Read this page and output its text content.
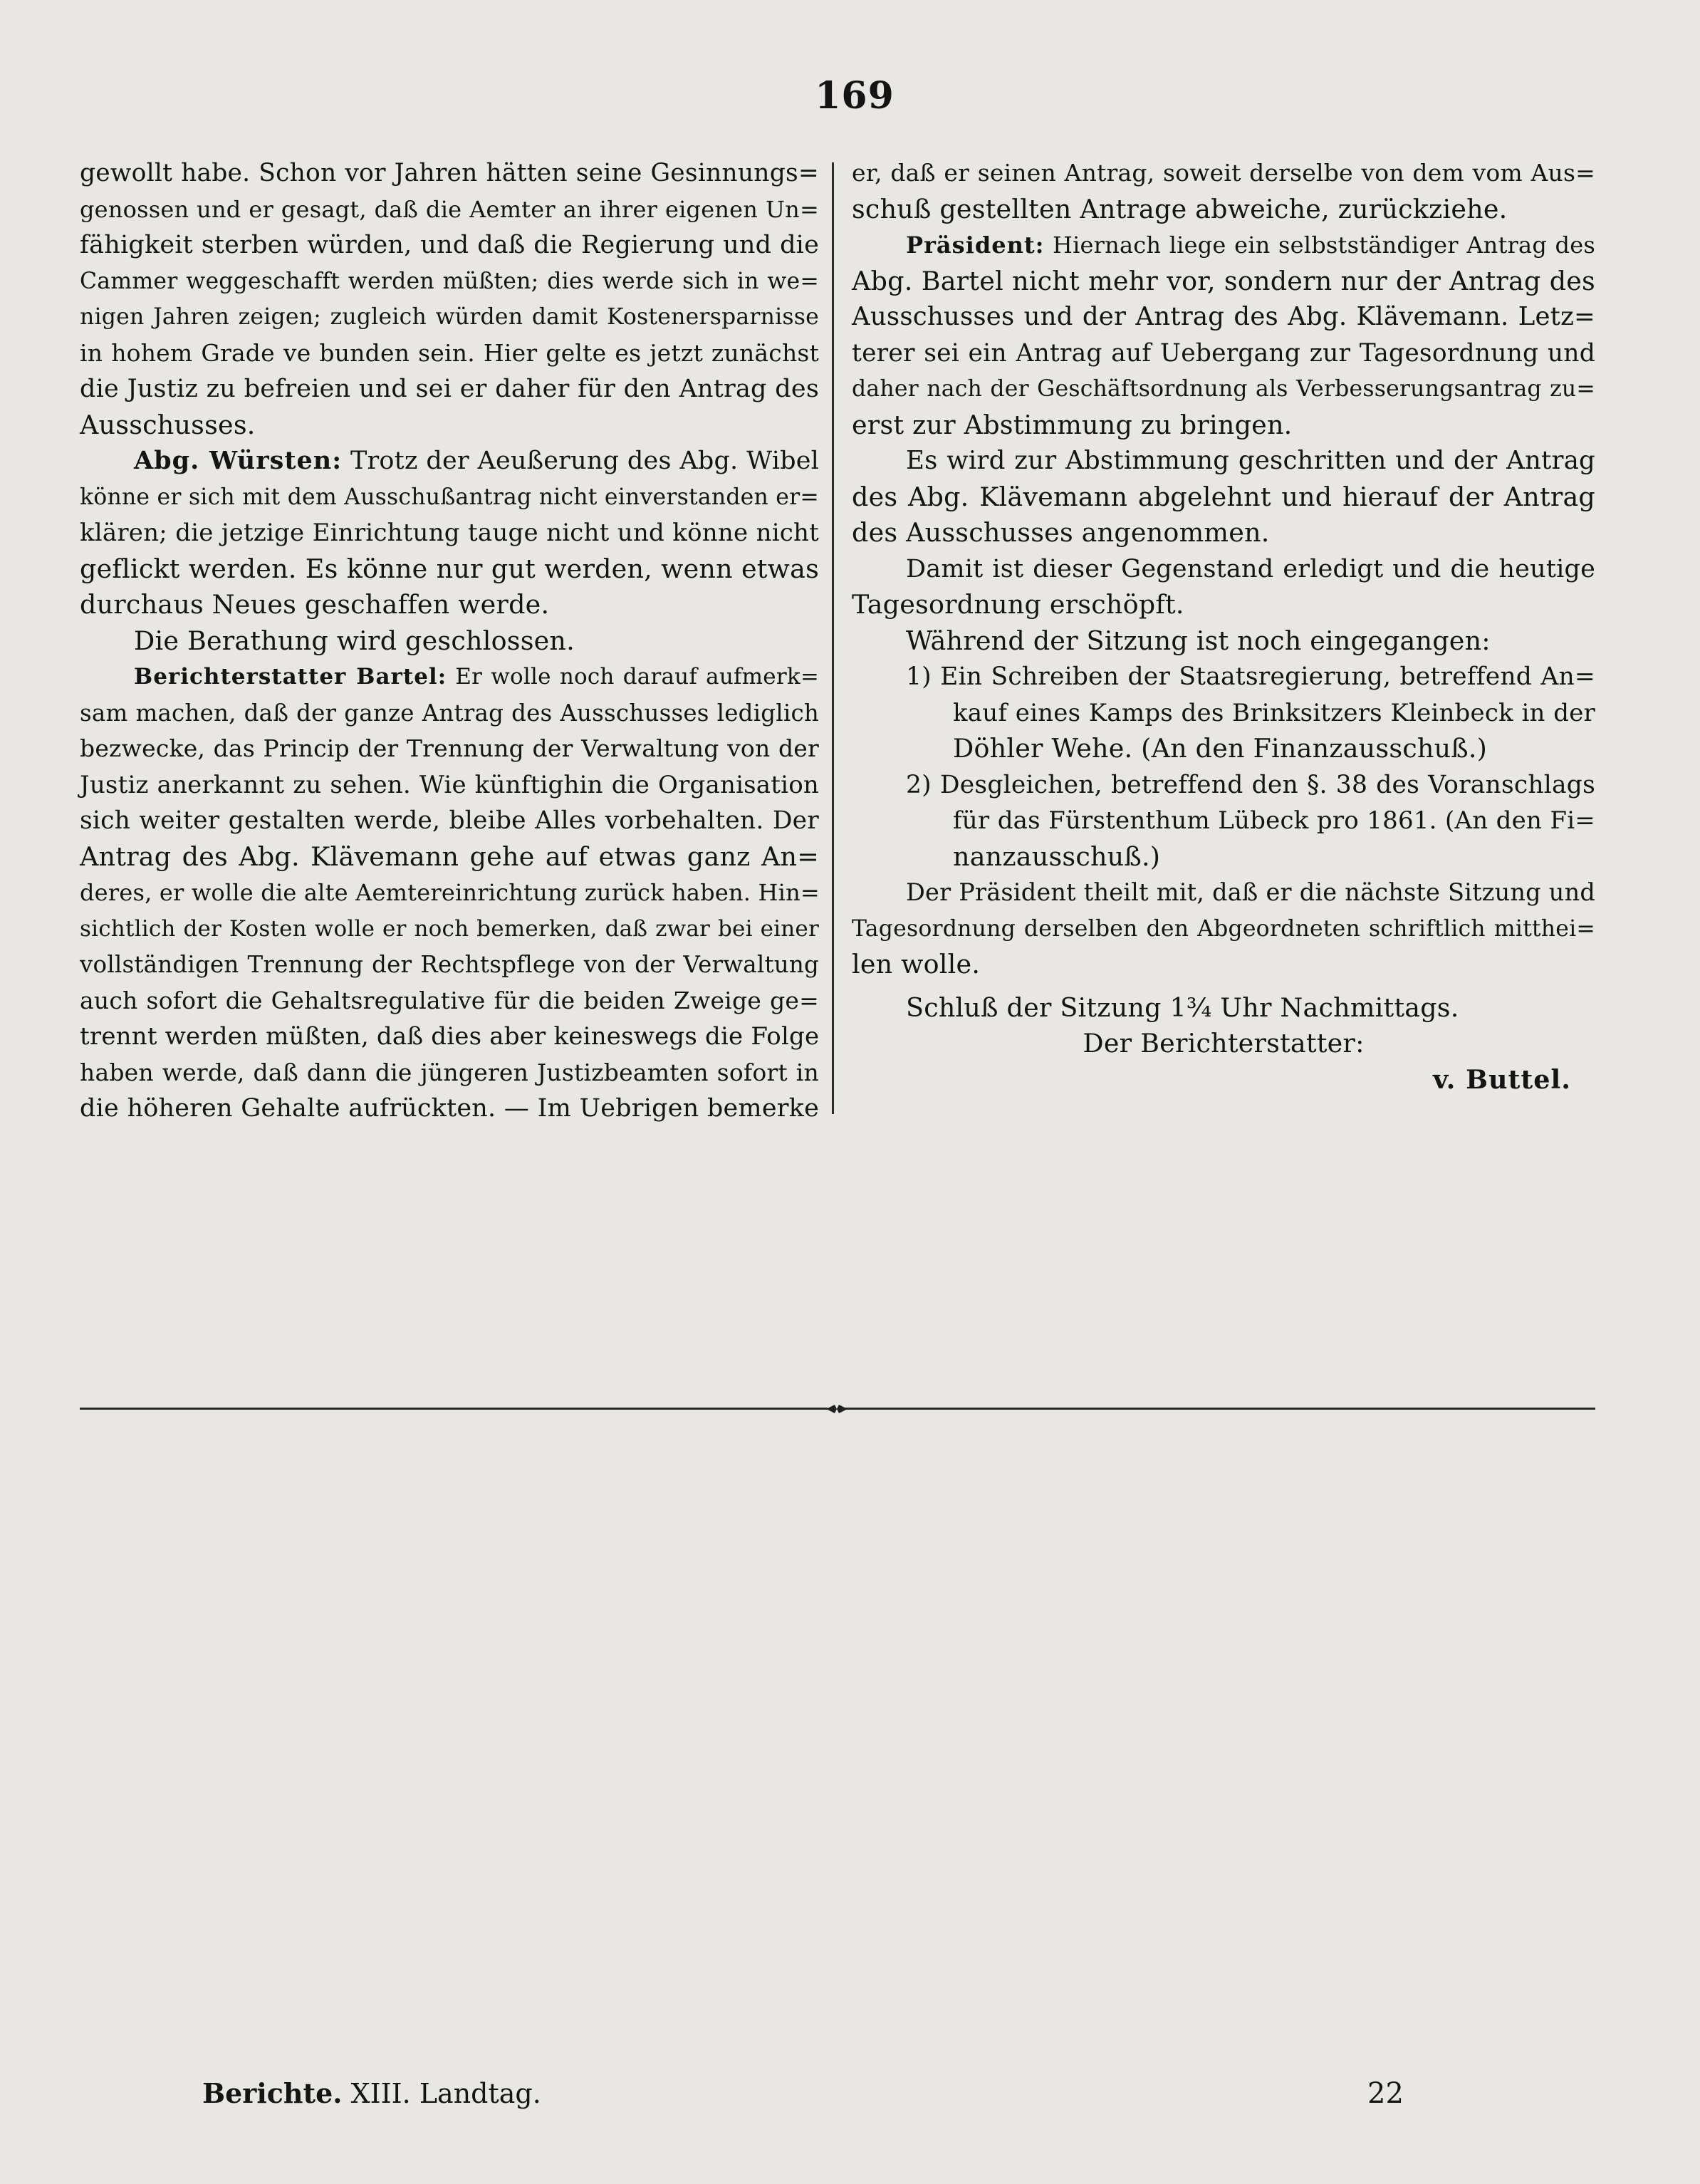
169
gewollt habe. Schon vor Jahren hätten seine Gesinnungs=
genossen und er gesagt, daß die Aemter an ihrer eigenen Un=
fähigkeit sterben würden, und daß die Regierung und die
Cammer weggeschafft werden müßten; dies werde sich in we=
nigen Jahren zeigen; zugleich würden damit Kostenersparnisse
in hohem Grade ve bunden sein. Hier gelte es jetzt zunächst
die Justiz zu befreien und sei er daher für den Antrag des
Ausschusses.
Abg. Würsten: Trotz der Aeußerung des Abg. Wibel
könne er sich mit dem Ausschußantrag nicht einverstanden er=
klären; die jetzige Einrichtung tauge nicht und könne nicht
geflickt werden. Es könne nur gut werden, wenn etwas
durchaus Neues geschaffen werde.
Die Berathung wird geschlossen.
Berichterstatter Bartel: Er wolle noch darauf aufmerk=
sam machen, daß der ganze Antrag des Ausschusses lediglich
bezwecke, das Princip der Trennung der Verwaltung von der
Justiz anerkannt zu sehen. Wie künftighin die Organisation
sich weiter gestalten werde, bleibe Alles vorbehalten. Der
Antrag des Abg. Klävemann gehe auf etwas ganz An=
deres, er wolle die alte Aemtereinrichtung zurück haben. Hin=
sichtlich der Kosten wolle er noch bemerken, daß zwar bei einer
vollständigen Trennung der Rechtspflege von der Verwaltung
auch sofort die Gehaltsregulative für die beiden Zweige ge=
trennt werden müßten, daß dies aber keineswegs die Folge
haben werde, daß dann die jüngeren Justizbeamten sofort in
die höheren Gehalte aufrückten. — Im Uebrigen bemerke
er, daß er seinen Antrag, soweit derselbe von dem vom Aus=
schuß gestellten Antrage abweiche, zurückziehe.
Präsident: Hiernach liege ein selbstständiger Antrag des
Abg. Bartel nicht mehr vor, sondern nur der Antrag des
Ausschusses und der Antrag des Abg. Klävemann. Letz=
terer sei ein Antrag auf Uebergang zur Tagesordnung und
daher nach der Geschäftsordnung als Verbesserungsantrag zu=
erst zur Abstimmung zu bringen.
Es wird zur Abstimmung geschritten und der Antrag
des Abg. Klävemann abgelehnt und hierauf der Antrag
des Ausschusses angenommen.
Damit ist dieser Gegenstand erledigt und die heutige
Tagesordnung erschöpft.
Während der Sitzung ist noch eingegangen:
1) Ein Schreiben der Staatsregierung, betreffend An=
kauf eines Kamps des Brinksitzers Kleinbeck in der
Döhler Wehe. (An den Finanzausschuß.)
2) Desgleichen, betreffend den §. 38 des Voranschlags
für das Fürstenthum Lübeck pro 1861. (An den Fi=
nanzausschuß.)
Der Präsident theilt mit, daß er die nächste Sitzung und
Tagesordnung derselben den Abgeordneten schriftlich mitthei=
len wolle.
Schluß der Sitzung 1¾ Uhr Nachmittags.
Der Berichterstatter:
v. Buttel.
Berichte. XIII. Landtag.	22
